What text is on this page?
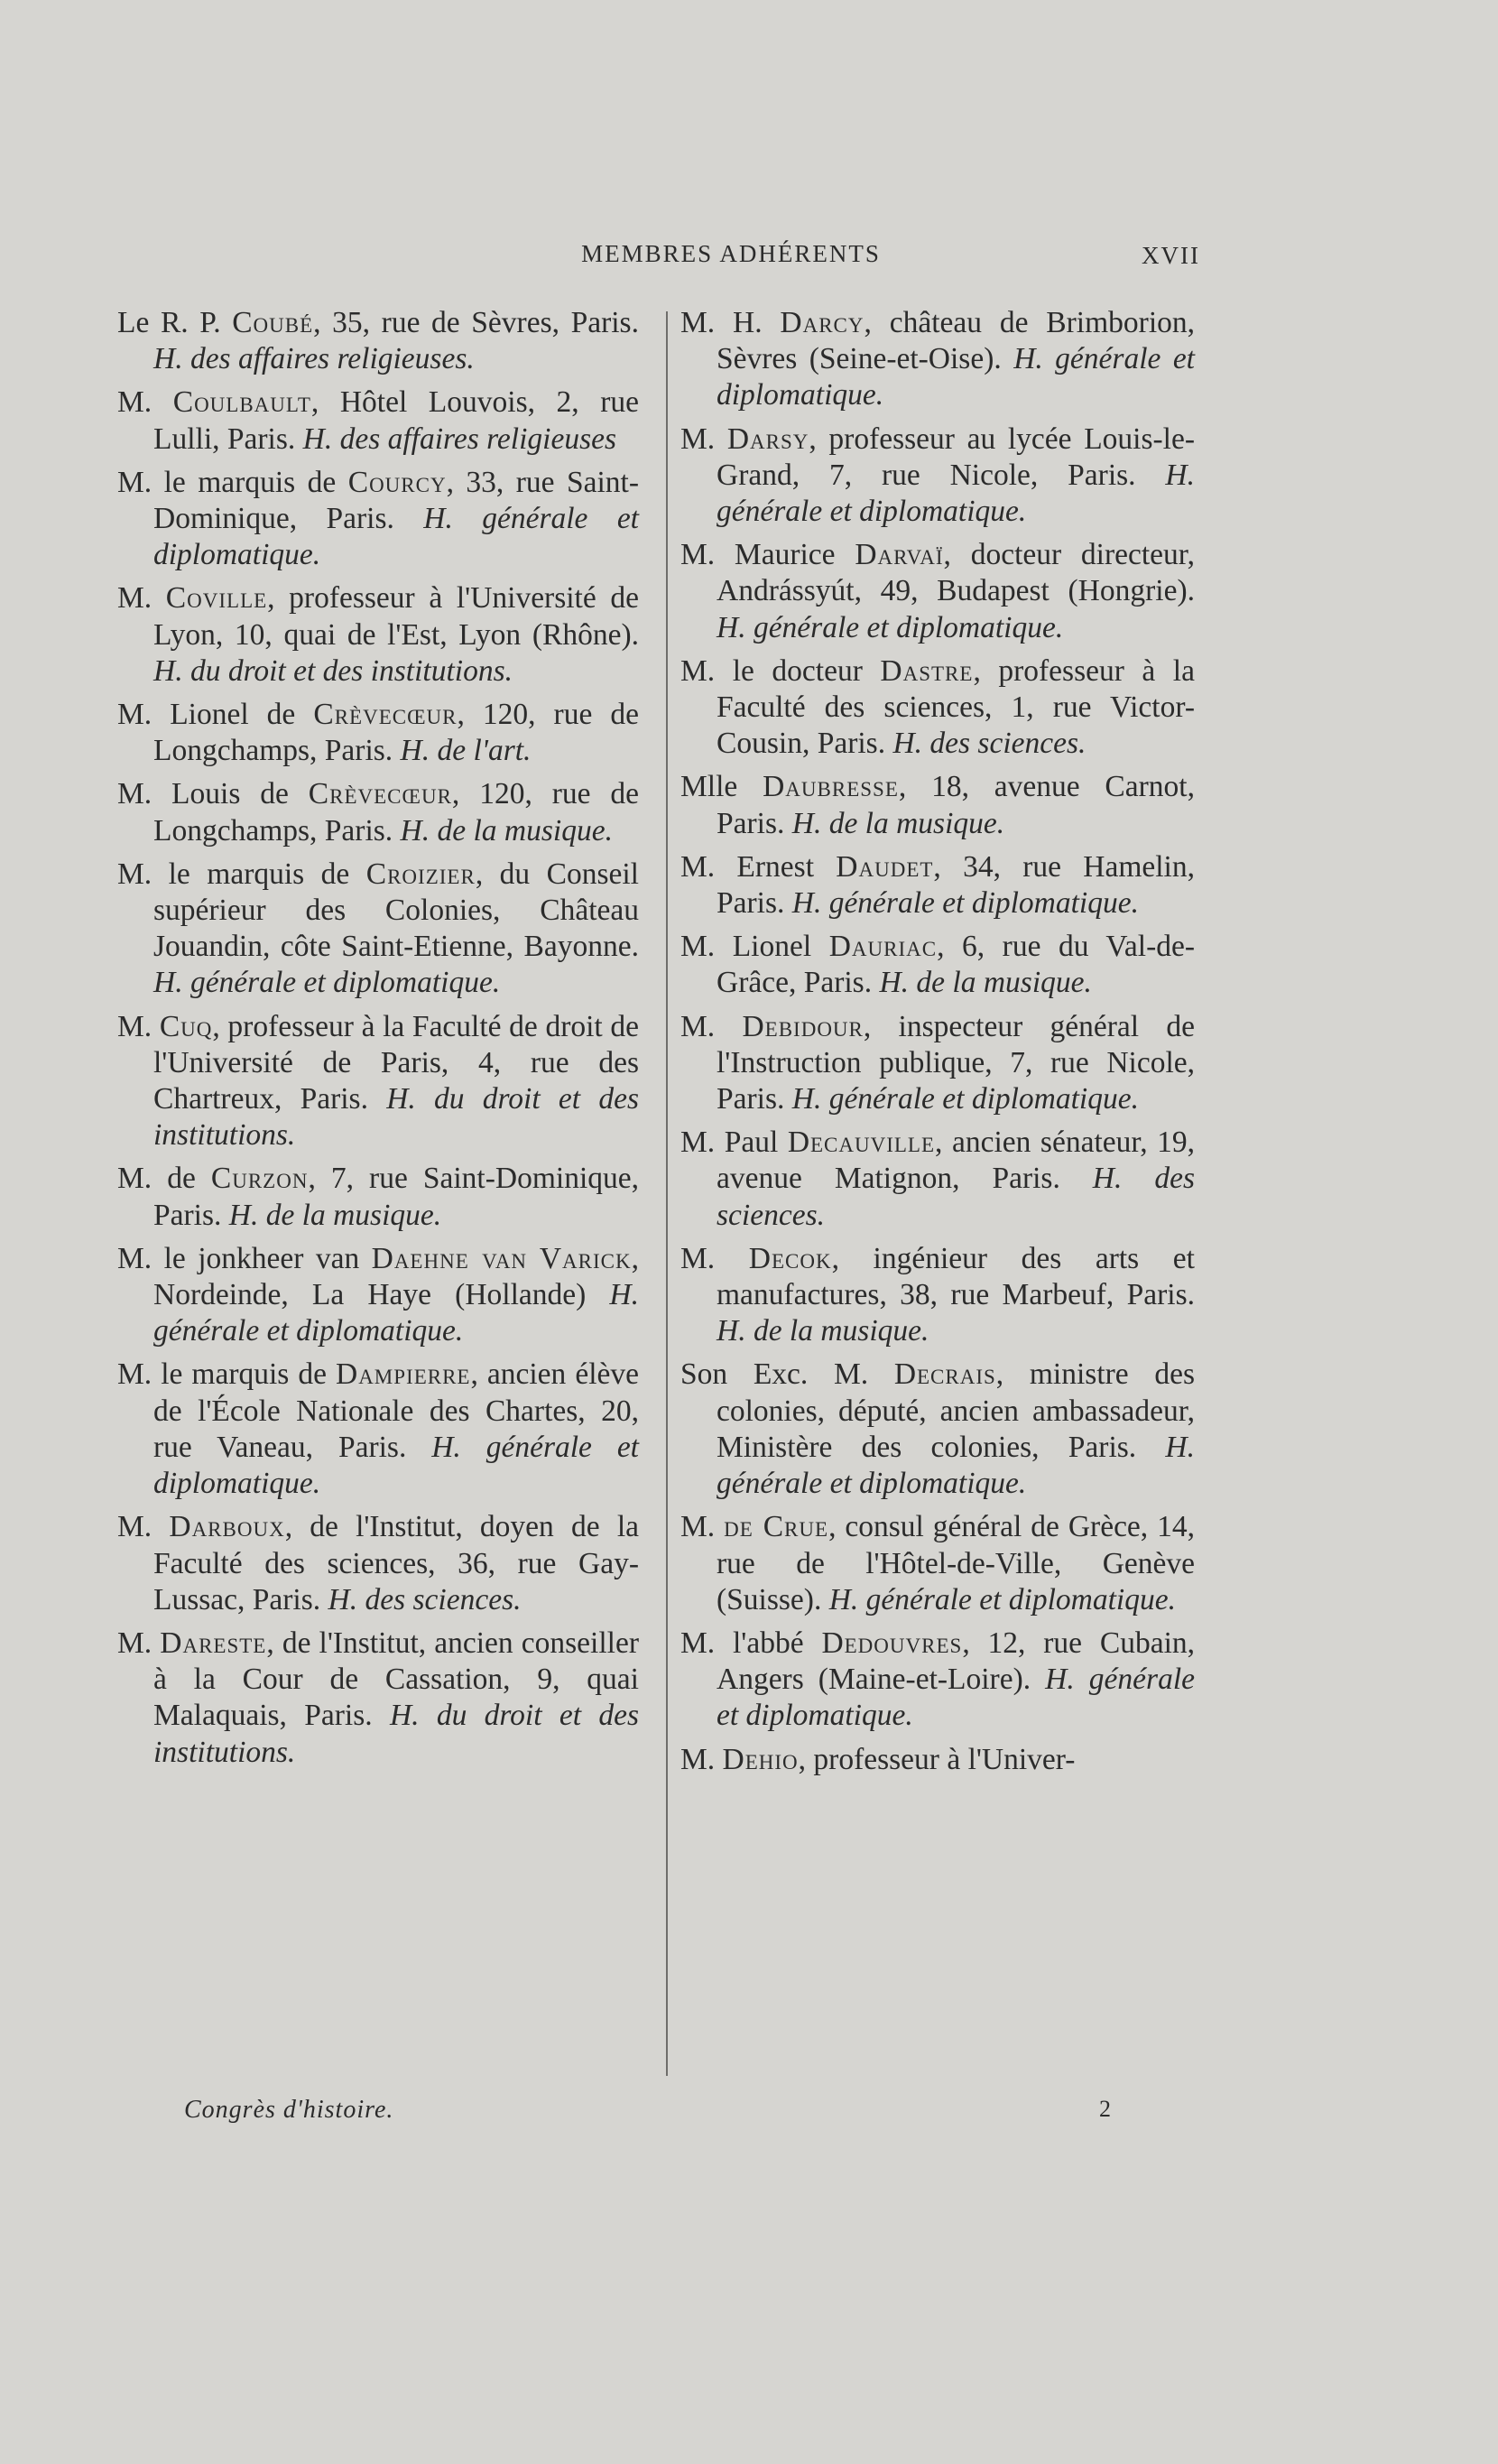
MEMBRES ADHÉRENTS	XVII

Le R. P. Coubé, 35, rue de Sèvres, Paris. H. des affaires religieuses.

M. Coulbault, Hôtel Louvois, 2, rue Lulli, Paris. H. des affaires religieuses

M. le marquis de Courcy, 33, rue Saint-Dominique, Paris. H. générale et diplomatique.

M. Coville, professeur à l'Université de Lyon, 10, quai de l'Est, Lyon (Rhône). H. du droit et des institutions.

M. Lionel de Crèvecœur, 120, rue de Longchamps, Paris. H. de l'art.

M. Louis de Crèvecœur, 120, rue de Longchamps, Paris. H. de la musique.

M. le marquis de Croizier, du Conseil supérieur des Colonies, Château Jouandin, côte Saint-Etienne, Bayonne. H. générale et diplomatique.

M. Cuq, professeur à la Faculté de droit de l'Université de Paris, 4, rue des Chartreux, Paris. H. du droit et des institutions.

M. de Curzon, 7, rue Saint-Dominique, Paris. H. de la musique.

M. le jonkheer van Daehne van Varick, Nordeinde, La Haye (Hollande) H. générale et diplomatique.

M. le marquis de Dampierre, ancien élève de l'École Nationale des Chartes, 20, rue Vaneau, Paris. H. générale et diplomatique.

M. Darboux, de l'Institut, doyen de la Faculté des sciences, 36, rue Gay-Lussac, Paris. H. des sciences.

M. Dareste, de l'Institut, ancien conseiller à la Cour de Cassation, 9, quai Malaquais, Paris. H. du droit et des institutions.

M. H. Darcy, château de Brimborion, Sèvres (Seine-et-Oise). H. générale et diplomatique.

M. Darsy, professeur au lycée Louis-le-Grand, 7, rue Nicole, Paris. H. générale et diplomatique.

M. Maurice Darvaï, docteur directeur, Andrássyút, 49, Budapest (Hongrie). H. générale et diplomatique.

M. le docteur Dastre, professeur à la Faculté des sciences, 1, rue Victor-Cousin, Paris. H. des sciences.

Mlle Daubresse, 18, avenue Carnot, Paris. H. de la musique.

M. Ernest Daudet, 34, rue Hamelin, Paris. H. générale et diplomatique.

M. Lionel Dauriac, 6, rue du Val-de-Grâce, Paris. H. de la musique.

M. Debidour, inspecteur général de l'Instruction publique, 7, rue Nicole, Paris. H. générale et diplomatique.

M. Paul Decauville, ancien sénateur, 19, avenue Matignon, Paris. H. des sciences.

M. Decok, ingénieur des arts et manufactures, 38, rue Marbeuf, Paris. H. de la musique.

Son Exc. M. Decrais, ministre des colonies, député, ancien ambassadeur, Ministère des colonies, Paris. H. générale et diplomatique.

M. de Crue, consul général de Grèce, 14, rue de l'Hôtel-de-Ville, Genève (Suisse). H. générale et diplomatique.

M. l'abbé Dedouvres, 12, rue Cubain, Angers (Maine-et-Loire). H. générale et diplomatique.

M. Dehio, professeur à l'Univer-

Congrès d'histoire.	2
